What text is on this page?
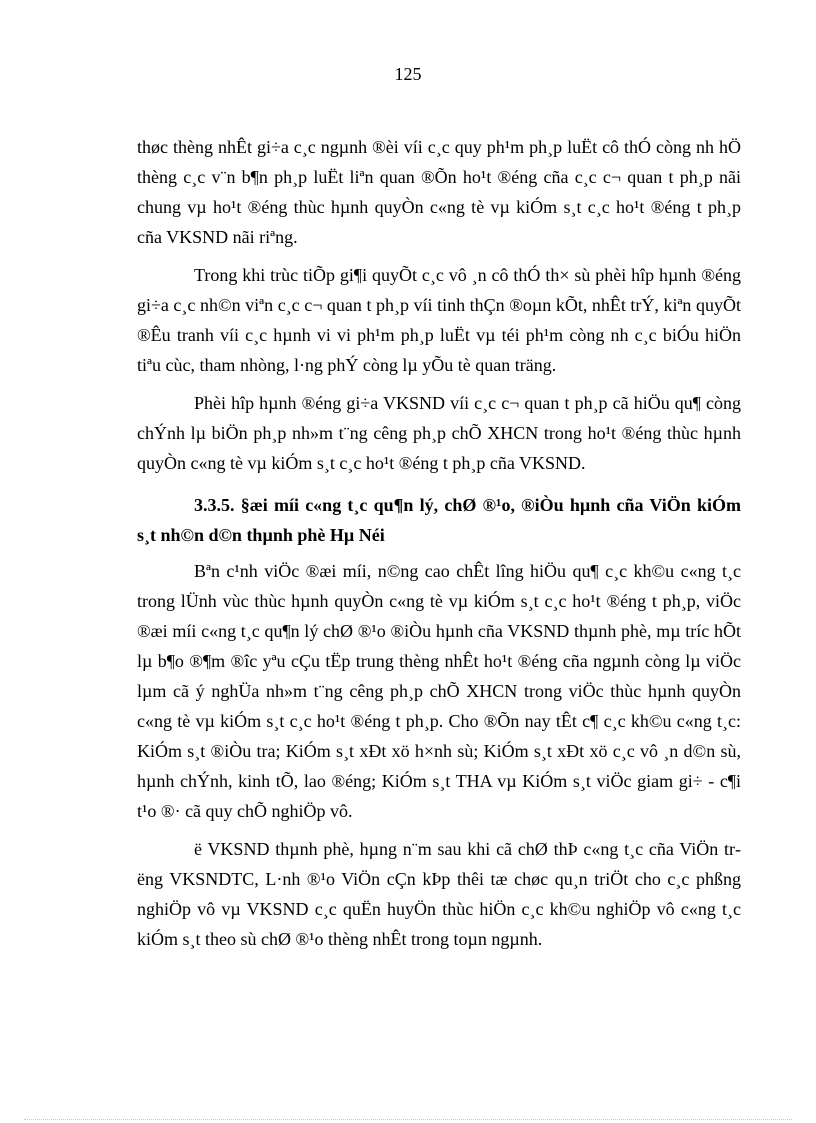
125

thøc thèng nhÊt gi÷a c¸c ngµnh ®èi víi c¸c quy ph¹m ph¸p luËt cô thÓ còng nh hÖ thèng c¸c v¨n b¶n ph¸p luËt liªn quan ®Õn ho¹t ®éng cña c¸c c¬ quan t ph¸p nãi chung vµ ho¹t ®éng thùc hµnh quyÒn c«ng tè vµ kiÓm s¸t c¸c ho¹t ®éng t ph¸p cña VKSND nãi riªng.

Trong khi trùc tiÕp gi¶i quyÕt c¸c vô ¸n cô thÓ th× sù phèi hîp hµnh ®éng gi÷a c¸c nh©n viªn c¸c c¬ quan t ph¸p víi tinh thÇn ®oµn kÕt, nhÊt trÝ, kiªn quyÕt ®Êu tranh víi c¸c hµnh vi vi ph¹m ph¸p luËt vµ téi ph¹m còng nh c¸c biÓu hiÖn tiªu cùc, tham nhòng, l·ng phÝ còng lµ yÕu tè quan träng.

Phèi hîp hµnh ®éng gi÷a VKSND víi c¸c c¬ quan t ph¸p cã hiÖu qu¶ còng chÝnh lµ biÖn ph¸p nh»m t¨ng cêng ph¸p chÕ XHCN trong ho¹t ®éng thùc hµnh quyÒn c«ng tè vµ kiÓm s¸t c¸c ho¹t ®éng t ph¸p cña VKSND.

3.3.5. §æi míi c«ng t¸c qu¶n lý, chØ ®¹o, ®iÒu hµnh cña ViÖn kiÓm s¸t nh©n d©n thµnh phè Hµ Néi

Bªn c¹nh viÖc ®æi míi, n©ng cao chÊt lîng hiÖu qu¶ c¸c kh©u c«ng t¸c trong lÜnh vùc thùc hµnh quyÒn c«ng tè vµ kiÓm s¸t c¸c ho¹t ®éng t ph¸p, viÖc ®æi míi c«ng t¸c qu¶n lý chØ ®¹o ®iÒu hµnh cña VKSND thµnh phè, mµ tríc hÕt lµ b¶o ®¶m ®îc yªu cÇu tËp trung thèng nhÊt ho¹t ®éng cña ngµnh còng lµ viÖc lµm cã ý nghÜa nh»m t¨ng cêng ph¸p chÕ XHCN trong viÖc thùc hµnh quyÒn c«ng tè vµ kiÓm s¸t c¸c ho¹t ®éng t ph¸p. Cho ®Õn nay tÊt c¶ c¸c kh©u c«ng t¸c: KiÓm s¸t ®iÒu tra; KiÓm s¸t xÐt xö h×nh sù; KiÓm s¸t xÐt xö c¸c vô ¸n d©n sù, hµnh chÝnh, kinh tÕ, lao ®éng; KiÓm s¸t THA vµ KiÓm s¸t viÖc giam gi÷ - c¶i t¹o ®· cã quy chÕ nghiÖp vô.

ë VKSND thµnh phè, hµng n¨m sau khi cã chØ thÞ c«ng t¸c cña ViÖn trëng VKSNDTC, L·nh ®¹o ViÖn cÇn kÞp thêi tæ chøc qu¸n triÖt cho c¸c phßng nghiÖp vô vµ VKSND c¸c quËn huyÖn thùc hiÖn c¸c kh©u nghiÖp vô c«ng t¸c kiÓm s¸t theo sù chØ ®¹o thèng nhÊt trong toµn ngµnh.
